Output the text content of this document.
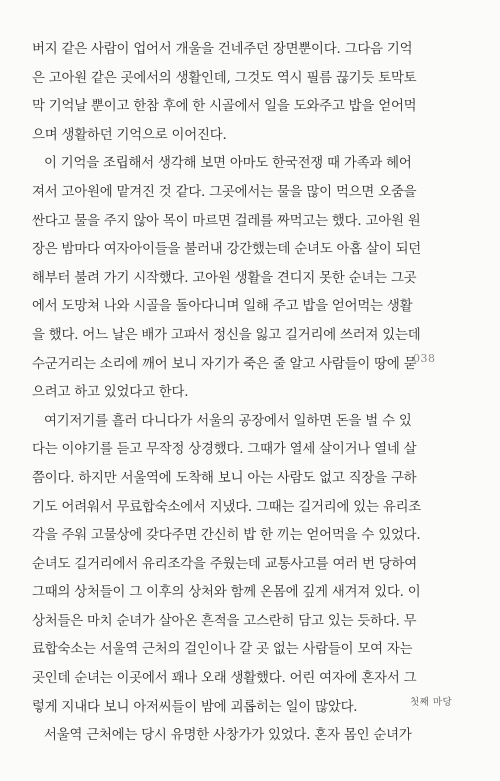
버지 같은 사람이 업어서 개울을 건네주던 장면뿐이다. 그다음 기억
은 고아원 같은 곳에서의 생활인데, 그것도 역시 필름 끊기듯 토막토
막 기억날 뿐이고 한참 후에 한 시골에서 일을 도와주고 밥을 얻어먹
으며 생활하던 기억으로 이어진다.
이 기억을 조립해서 생각해 보면 아마도 한국전쟁 때 가족과 헤어
져서 고아원에 맡겨진 것 같다. 그곳에서는 물을 많이 먹으면 오줌을
싼다고 물을 주지 않아 목이 마르면 걸레를 짜먹고는 했다. 고아원 원
장은 밤마다 여자아이들을 불러내 강간했는데 순녀도 아홉 살이 되던
해부터 불려 가기 시작했다. 고아원 생활을 견디지 못한 순녀는 그곳
에서 도망쳐 나와 시골을 돌아다니며 일해 주고 밥을 얻어먹는 생활
을 했다. 어느 날은 배가 고파서 정신을 잃고 길거리에 쓰러져 있는데
수군거리는 소리에 깨어 보니 자기가 죽은 줄 알고 사람들이 땅에 묻
으려고 하고 있었다고 한다.
여기저기를 흘러 다니다가 서울의 공장에서 일하면 돈을 벌 수 있
다는 이야기를 듣고 무작정 상경했다. 그때가 열세 살이거나 열네 살
쯤이다. 하지만 서울역에 도착해 보니 아는 사람도 없고 직장을 구하
기도 어려워서 무료합숙소에서 지냈다. 그때는 길거리에 있는 유리조
각을 주워 고물상에 갖다주면 간신히 밥 한 끼는 얻어먹을 수 있었다.
순녀도 길거리에서 유리조각을 주웠는데 교통사고를 여러 번 당하여
그때의 상처들이 그 이후의 상처와 함께 온몸에 깊게 새겨져 있다. 이
상처들은 마치 순녀가 살아온 흔적을 고스란히 담고 있는 듯하다. 무
료합숙소는 서울역 근처의 걸인이나 갈 곳 없는 사람들이 모여 자는
곳인데 순녀는 이곳에서 꽤나 오래 생활했다. 어린 여자에 혼자서 그
렇게 지내다 보니 아저씨들이 밤에 괴롭히는 일이 많았다.
서울역 근처에는 당시 유명한 사창가가 있었다. 혼자 몸인 순녀가
038
첫째 마당
